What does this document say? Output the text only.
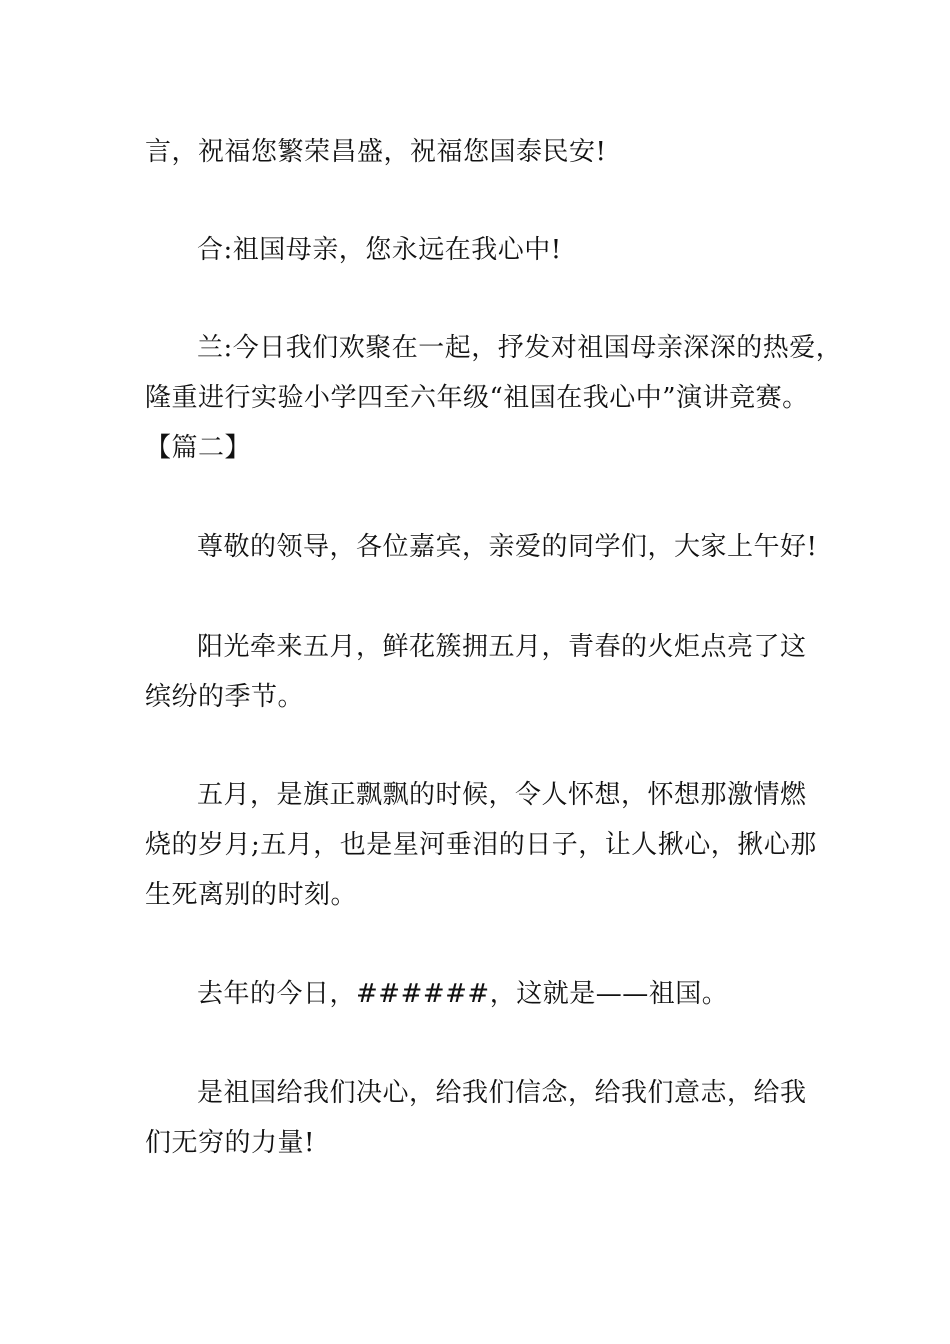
言，祝福您繁荣昌盛，祝福您国泰民安!
合:祖国母亲，您永远在我心中!
兰:今日我们欢聚在一起，抒发对祖国母亲深深的热爱，
隆重进行实验小学四至六年级“祖国在我心中”演讲竞赛。
【篇二】
尊敬的领导，各位嘉宾，亲爱的同学们，大家上午好!
阳光牵来五月，鲜花簇拥五月，青春的火炬点亮了这
缤纷的季节。
五月，是旗正飘飘的时候，令人怀想，怀想那激情燃
烧的岁月;五月，也是星河垂泪的日子，让人揪心，揪心那
生死离别的时刻。
去年的今日，######，这就是——祖国。
是祖国给我们决心，给我们信念，给我们意志，给我
们无穷的力量!
